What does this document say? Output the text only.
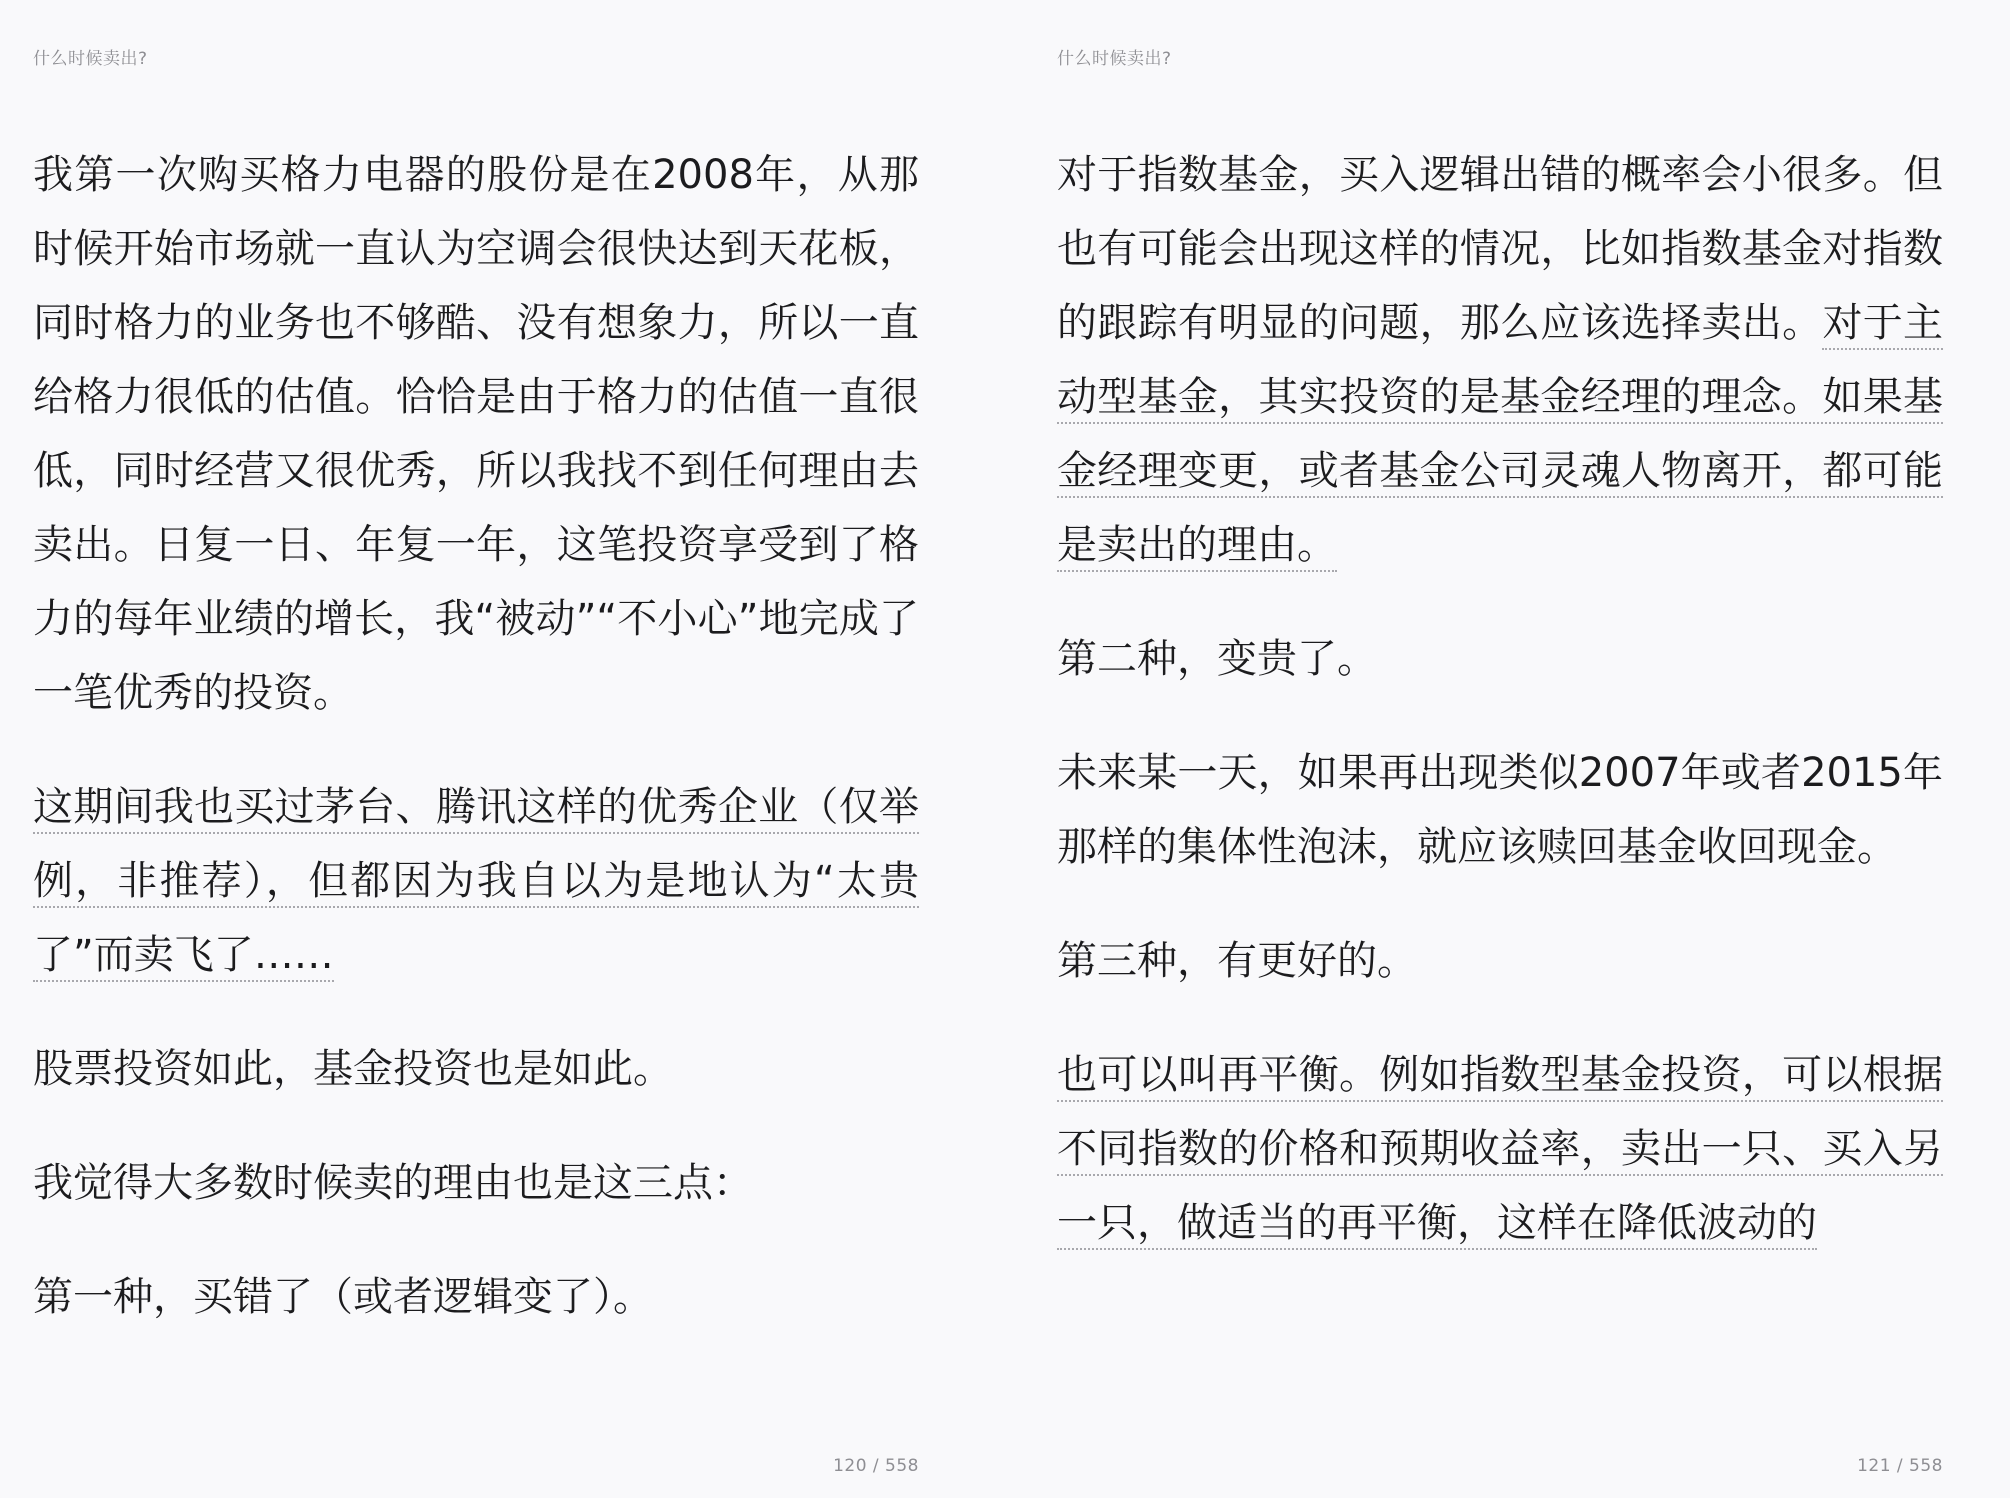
什么时候卖出?

我第一次购买格力电器的股份是在2008年，从那时候开始市场就一直认为空调会很快达到天花板，同时格力的业务也不够酷、没有想象力，所以一直给格力很低的估值。恰恰是由于格力的估值一直很低，同时经营又很优秀，所以我找不到任何理由去卖出。日复一日、年复一年，这笔投资享受到了格力的每年业绩的增长，我“被动”“不小心”地完成了一笔优秀的投资。

这期间我也买过茅台、腾讯这样的优秀企业（仅举例，非推荐），但都因为我自以为是地认为“太贵了”而卖飞了……

股票投资如此，基金投资也是如此。

我觉得大多数时候卖的理由也是这三点：

第一种，买错了（或者逻辑变了）。

120 / 558
什么时候卖出?

对于指数基金，买入逻辑出错的概率会小很多。但也有可能会出现这样的情况，比如指数基金对指数的跟踪有明显的问题，那么应该选择卖出。对于主动型基金，其实投资的是基金经理的理念。如果基金经理变更，或者基金公司灵魂人物离开，都可能是卖出的理由。

第二种，变贵了。

未来某一天，如果再出现类似2007年或者2015年那样的集体性泡沫，就应该赎回基金收回现金。

第三种，有更好的。

也可以叫再平衡。例如指数型基金投资，可以根据不同指数的价格和预期收益率，卖出一只、买入另一只，做适当的再平衡，这样在降低波动的

121 / 558
